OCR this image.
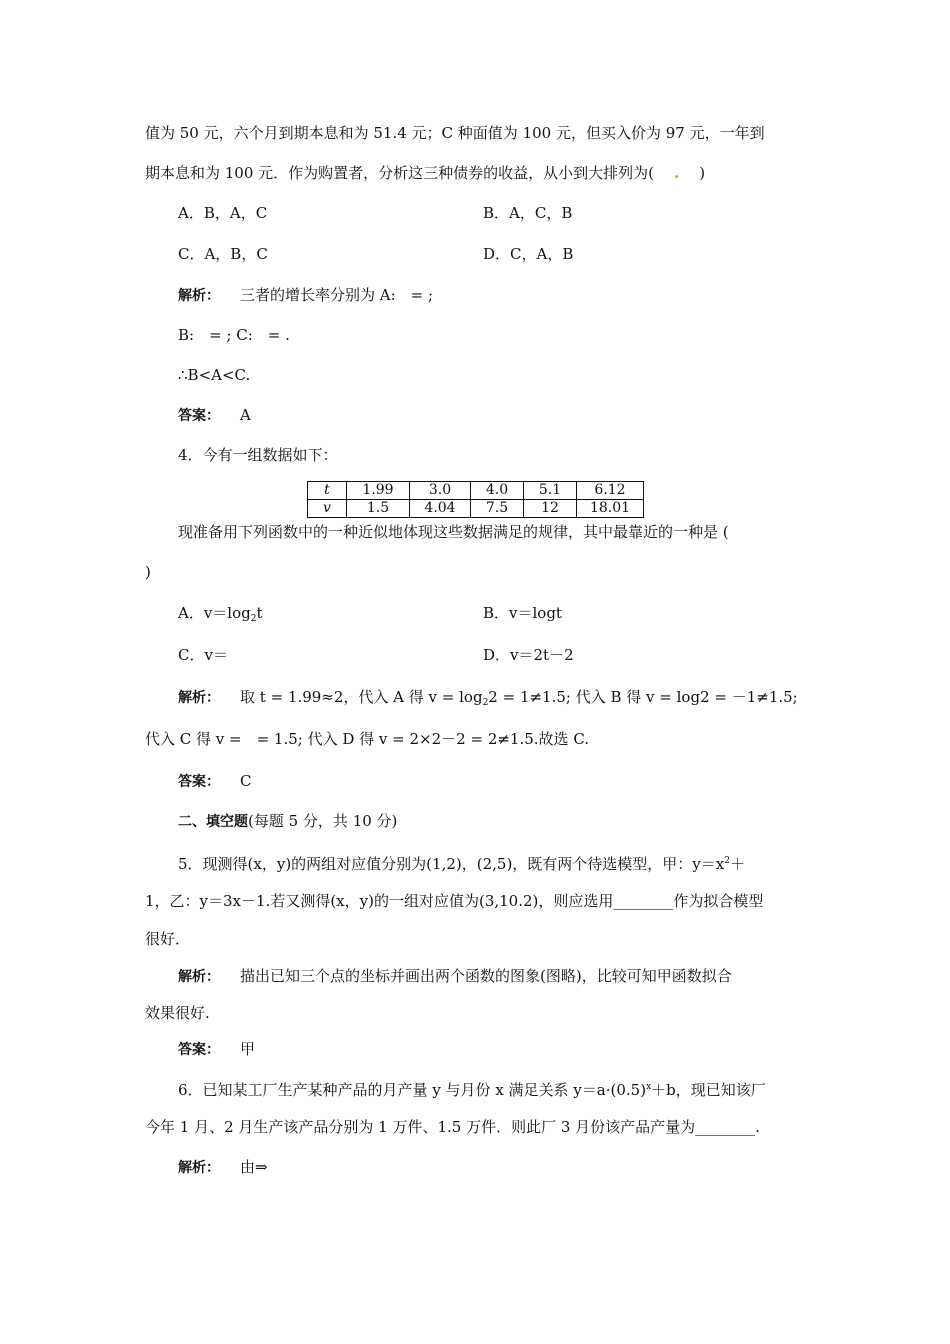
值为 50 元，六个月到期本息和为 51.4 元；C 种面值为 100 元，但买入价为 97 元，一年到
期本息和为 100 元．作为购置者，分析这三种债券的收益，从小到大排列为( . )
A．B，A，C	B．A，C，B
C．A，B，C	D．C，A，B
解析： 三者的增长率分别为 A:　= ;
B:　= ; C:　= .
∴B<A<C.
答案： A
4．今有一组数据如下：
t	1.99	3.0	4.0	5.1	6.12
v	1.5	4.04	7.5	12	18.01
现准备用下列函数中的一种近似地体现这些数据满足的规律，其中最靠近的一种是 (
)
A．$v=\log_2t$	B．v＝logt
C．v＝	D．v＝2t－2
解析： 取 t = 1.99≈2，代入 A 得 $v = \log_22 = 1\ne 1.5$; 代入 B 得 v = log2 = －1≠1.5;
代入 C 得 v =　= 1.5; 代入 D 得 v = 2×2－2 = 2≠1.5.故选 C.
答案： C
二、填空题(每题 5 分，共 10 分)
5．现测得(x，y)的两组对应值分别为(1,2)，(2,5)，既有两个待选模型，甲：$y=x^2+$
1，乙：y＝3x－1.若又测得(x，y)的一组对应值为(3,10.2)，则应选用________作为拟合模型
很好．
解析： 描出已知三个点的坐标并画出两个函数的图象(图略)，比较可知甲函数拟合
效果很好.
答案： 甲
6．已知某工厂生产某种产品的月产量 y 与月份 x 满足关系 $y=a\cdot(0.5)^x+b$，现已知该厂
今年 1 月、2 月生产该产品分别为 1 万件、1.5 万件．则此厂 3 月份该产品产量为________.
解析： 由⇒
